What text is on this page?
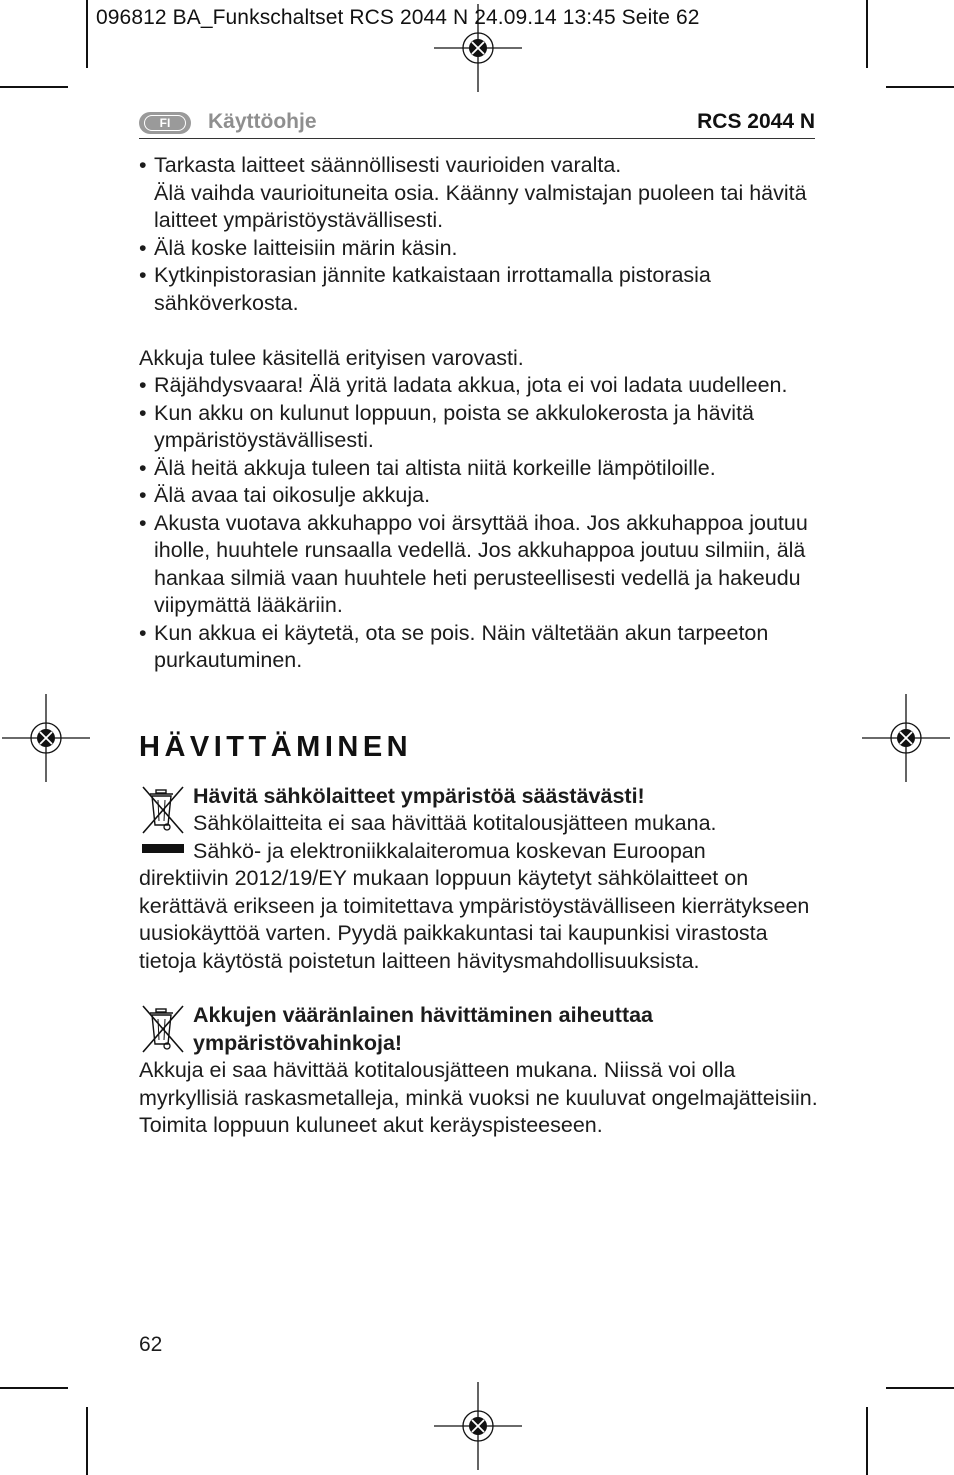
096812 BA_Funkschaltset RCS 2044 N 24.09.14 13:45 Seite 62
FI	Käyttöohje	RCS 2044 N
• Tarkasta laitteet säännöllisesti vaurioiden varalta.
Älä vaihda vaurioituneita osia. Käänny valmistajan puoleen tai hävitä laitteet ympäristöystävällisesti.
• Älä koske laitteisiin märin käsin.
• Kytkinpistorasian jännite katkaistaan irrottamalla pistorasia sähköverkosta.

Akkuja tulee käsitellä erityisen varovasti.

• Räjähdysvaara! Älä yritä ladata akkua, jota ei voi ladata uudelleen.
• Kun akku on kulunut loppuun, poista se akkulokerosta ja hävitä ympäristöystävällisesti.
• Älä heitä akkuja tuleen tai altista niitä korkeille lämpötiloille.
• Älä avaa tai oikosulje akkuja.
• Akusta vuotava akkuhappo voi ärsyttää ihoa. Jos akkuhappoa joutuu iholle, huuhtele runsaalla vedellä. Jos akkuhappoa joutuu silmiin, älä hankaa silmiä vaan huuhtele heti perusteellisesti vedellä ja hakeudu viipymättä lääkäriin.
• Kun akkua ei käytetä, ota se pois. Näin vältetään akun tarpeeton purkautuminen.
HÄVITTÄMINEN
Hävitä sähkölaitteet ympäristöä säästävästi!
Sähkölaitteita ei saa hävittää kotitalousjätteen mukana.
Sähkö- ja elektroniikkalaiteromua koskevan Euroopan
direktiivin 2012/19/EY mukaan loppuun käytetyt sähkölaitteet on kerättävä erikseen ja toimitettava ympäristöystävälliseen kierrätykseen uusiokäyttöä varten. Pyydä paikkakuntasi tai kaupunkisi virastosta tietoja käytöstä poistetun laitteen hävitysmahdollisuuksista.
Akkujen vääränlainen hävittäminen aiheuttaa ympäristövahinkoja!
Akkuja ei saa hävittää kotitalousjätteen mukana. Niissä voi olla myrkyllisiä raskasmetalleja, minkä vuoksi ne kuuluvat ongelmajätteisiin. Toimita loppuun kuluneet akut keräyspisteeseen.
62
